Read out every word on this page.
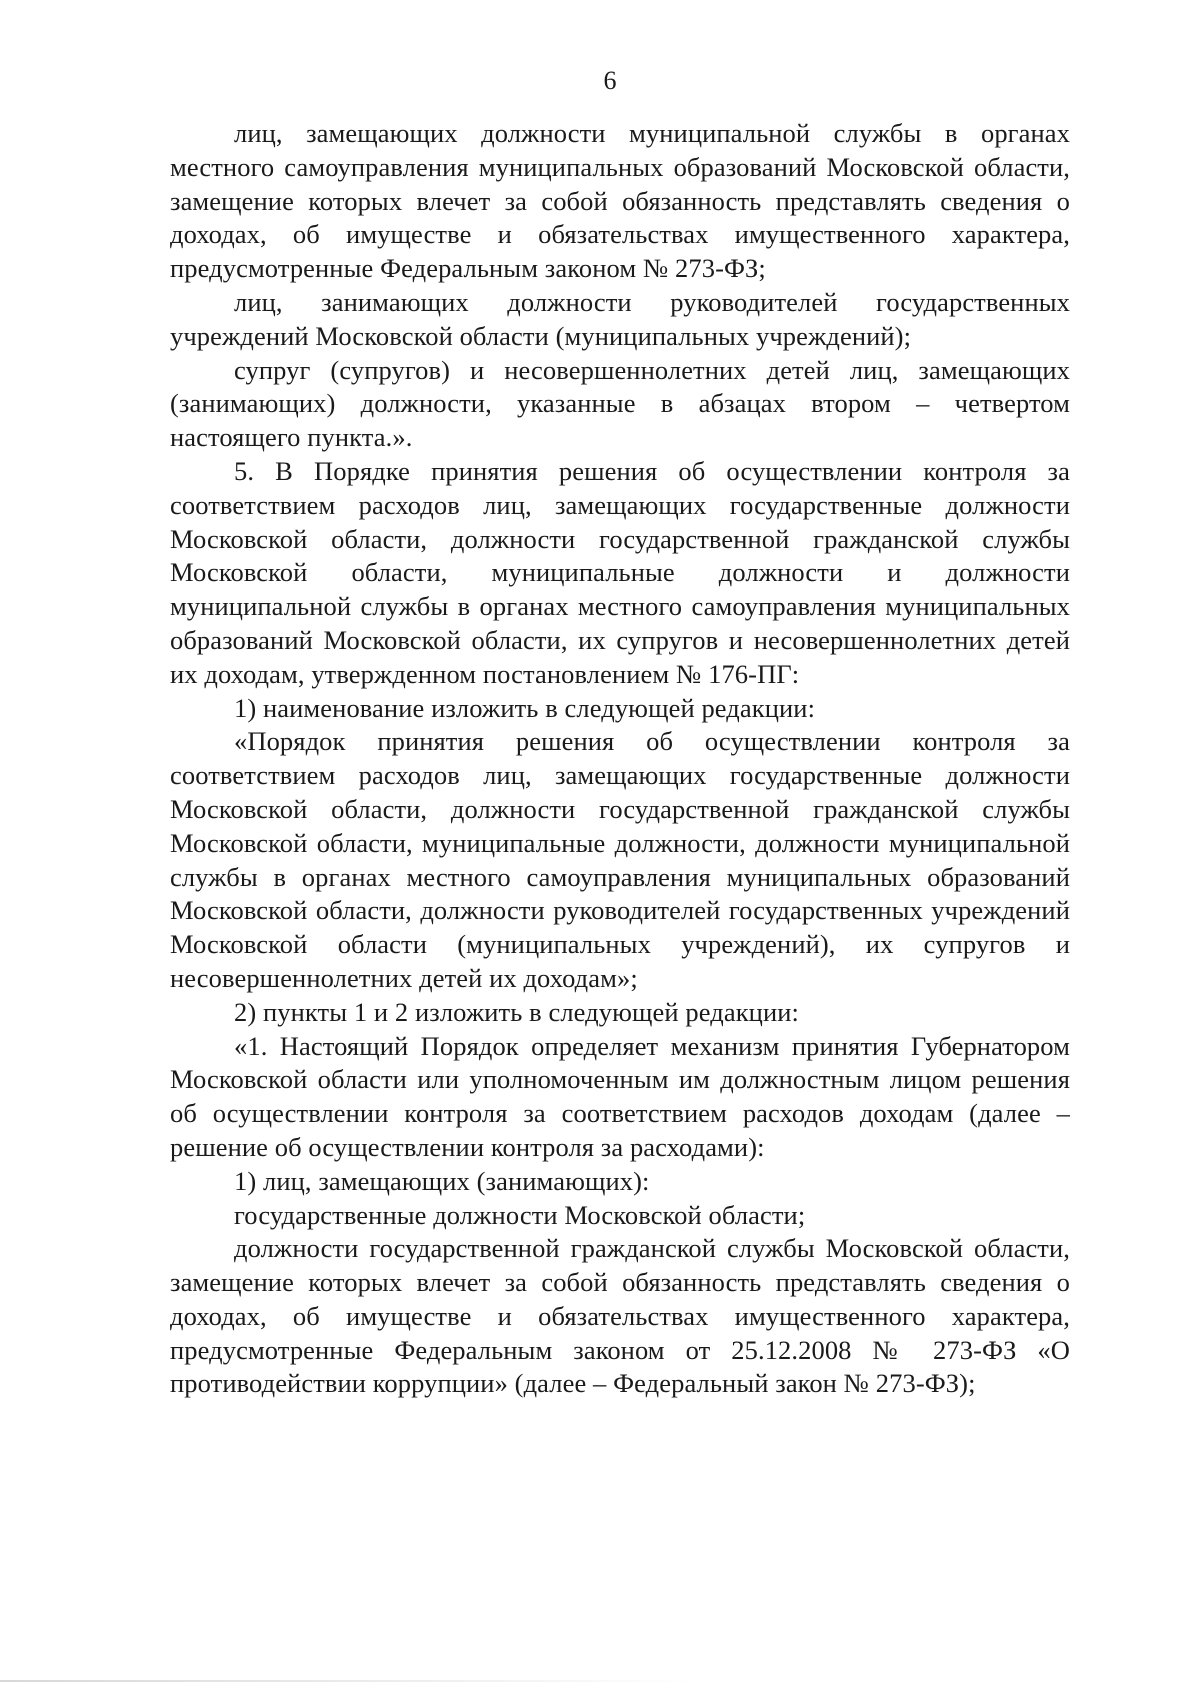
6

лиц, замещающих должности муниципальной службы в органах местного самоуправления муниципальных образований Московской области, замещение которых влечет за собой обязанность представлять сведения о доходах, об имуществе и обязательствах имущественного характера, предусмотренные Федеральным законом № 273-ФЗ;

лиц, занимающих должности руководителей государственных учреждений Московской области (муниципальных учреждений);

супруг (супругов) и несовершеннолетних детей лиц, замещающих (занимающих) должности, указанные в абзацах втором – четвертом настоящего пункта.».

5. В Порядке принятия решения об осуществлении контроля за соответствием расходов лиц, замещающих государственные должности Московской области, должности государственной гражданской службы Московской области, муниципальные должности и должности муниципальной службы в органах местного самоуправления муниципальных образований Московской области, их супругов и несовершеннолетних детей их доходам, утвержденном постановлением № 176-ПГ:

1) наименование изложить в следующей редакции:

«Порядок принятия решения об осуществлении контроля за соответствием расходов лиц, замещающих государственные должности Московской области, должности государственной гражданской службы Московской области, муниципальные должности, должности муниципальной службы в органах местного самоуправления муниципальных образований Московской области, должности руководителей государственных учреждений Московской области (муниципальных учреждений), их супругов и несовершеннолетних детей их доходам»;

2) пункты 1 и 2 изложить в следующей редакции:

«1. Настоящий Порядок определяет механизм принятия Губернатором Московской области или уполномоченным им должностным лицом решения об осуществлении контроля за соответствием расходов доходам (далее – решение об осуществлении контроля за расходами):

1) лиц, замещающих (занимающих):

государственные должности Московской области;

должности государственной гражданской службы Московской области, замещение которых влечет за собой обязанность представлять сведения о доходах, об имуществе и обязательствах имущественного характера, предусмотренные Федеральным законом от 25.12.2008 № 273-ФЗ «О противодействии коррупции» (далее – Федеральный закон № 273-ФЗ);
